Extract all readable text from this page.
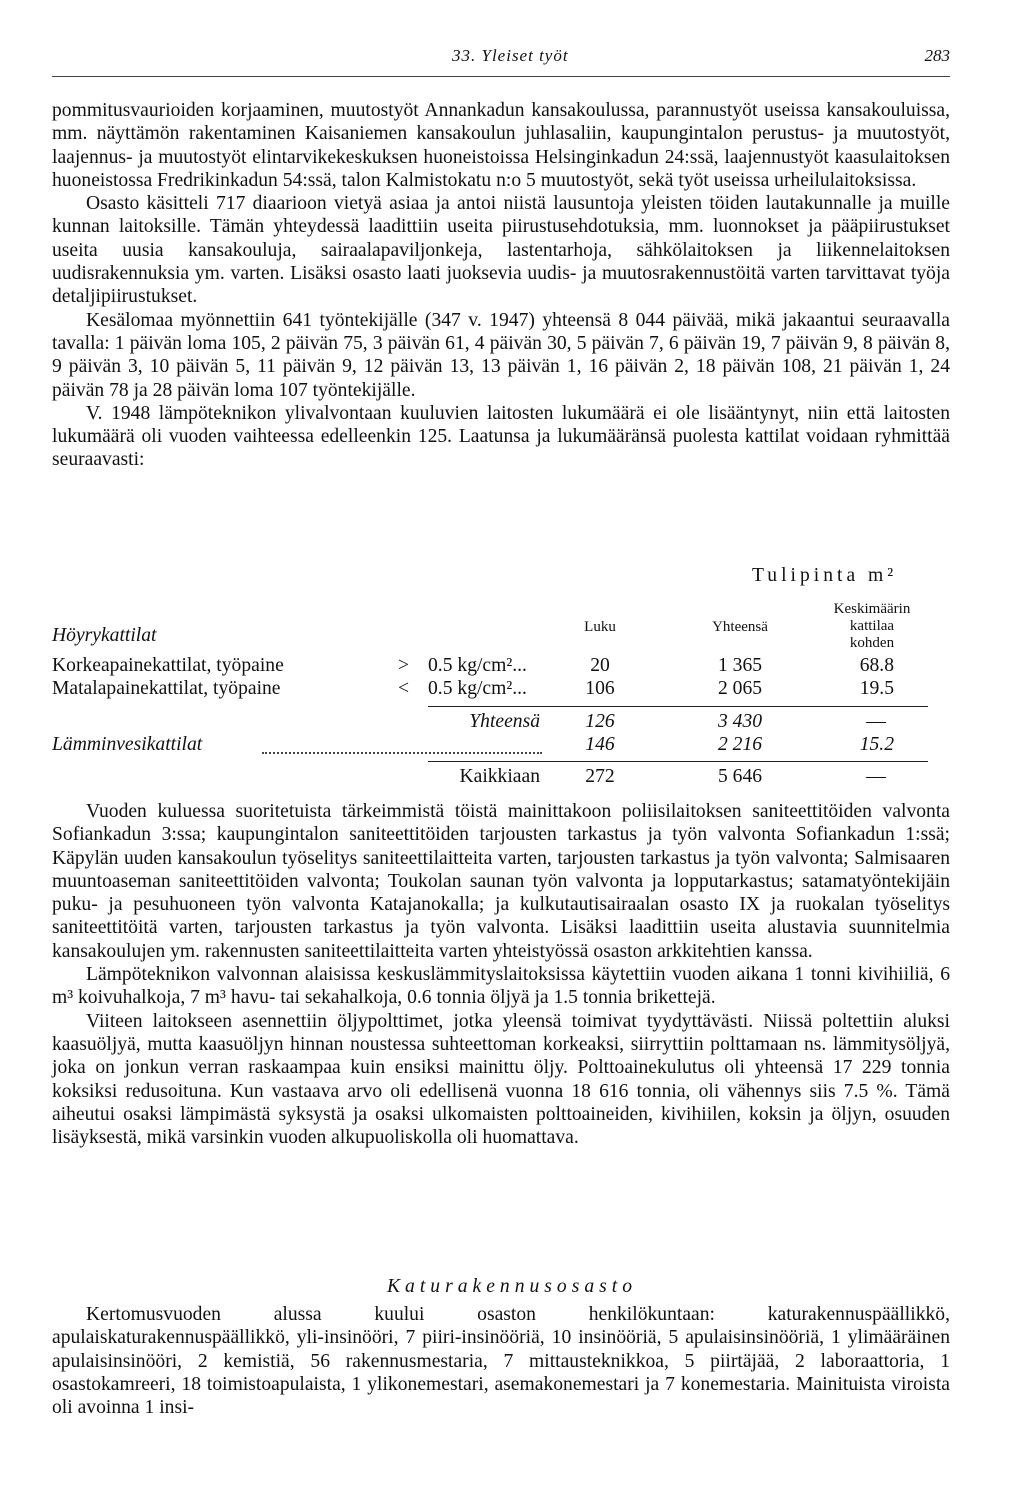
33. Yleiset työt	283

pommitusvaurioiden korjaaminen, muutostyöt Annankadun kansakoulussa, parannustyöt useissa kansakouluissa, mm. näyttämön rakentaminen Kaisaniemen kansakoulun juhlasaliin, kaupungintalon perustus- ja muutostyöt, laajennus- ja muutostyöt elintarvikekeskuksen huoneistoissa Helsinginkadun 24:ssä, laajennustyöt kaasulaitoksen huoneistossa Fredrikinkadun 54:ssä, talon Kalmistokatu n:o 5 muutostyöt, sekä työt useissa urheilulaitoksissa.

Osasto käsitteli 717 diaarioon vietyä asiaa ja antoi niistä lausuntoja yleisten töiden lautakunnalle ja muille kunnan laitoksille. Tämän yhteydessä laadittiin useita piirustusehdotuksia, mm. luonnokset ja pääpiirustukset useita uusia kansakouluja, sairaalapaviljonkeja, lastentarhoja, sähkölaitoksen ja liikennelaitoksen uudisrakennuksia ym. varten. Lisäksi osasto laati juoksevia uudis- ja muutosrakennustöitä varten tarvittavat työja detaljipiirustukset.

Kesälomaa myönnettiin 641 työntekijälle (347 v. 1947) yhteensä 8 044 päivää, mikä jakaantui seuraavalla tavalla: 1 päivän loma 105, 2 päivän 75, 3 päivän 61, 4 päivän 30, 5 päivän 7, 6 päivän 19, 7 päivän 9, 8 päivän 8, 9 päivän 3, 10 päivän 5, 11 päivän 9, 12 päivän 13, 13 päivän 1, 16 päivän 2, 18 päivän 108, 21 päivän 1, 24 päivän 78 ja 28 päivän loma 107 työntekijälle.

V. 1948 lämpöteknikon ylivalvontaan kuuluvien laitosten lukumäärä ei ole lisääntynyt, niin että laitosten lukumäärä oli vuoden vaihteessa edelleenkin 125. Laatunsa ja lukumääränsä puolesta kattilat voidaan ryhmittää seuraavasti:

Tulipinta m²
Luku	Yhteensä
Keskimäärin
kattilaa
kohden
Höyrykattilat
Korkeapainekattilat, työpaine	> 0.5 kg/cm²...	20	1 365	68.8
Matalapainekattilat, työpaine	< 0.5 kg/cm²...	106	2 065	19.5
Yhteensä	126	3 430	—
Lämminvesikattilat	146	2 216	15.2
Kaikkiaan	272	5 646	—

Vuoden kuluessa suoritetuista tärkeimmistä töistä mainittakoon poliisilaitoksen saniteettitöiden valvonta Sofiankadun 3:ssa; kaupungintalon saniteettitöiden tarjousten tarkastus ja työn valvonta Sofiankadun 1:ssä; Käpylän uuden kansakoulun työselitys saniteettilaitteita varten, tarjousten tarkastus ja työn valvonta; Salmisaaren muuntoaseman saniteettitöiden valvonta; Toukolan saunan työn valvonta ja lopputarkastus; satamatyöntekijäin puku- ja pesuhuoneen työn valvonta Katajanokalla; ja kulkutautisairaalan osasto IX ja ruokalan työselitys saniteettitöitä varten, tarjousten tarkastus ja työn valvonta. Lisäksi laadittiin useita alustavia suunnitelmia kansakoulujen ym. rakennusten saniteettilaitteita varten yhteistyössä osaston arkkitehtien kanssa.

Lämpöteknikon valvonnan alaisissa keskuslämmityslaitoksissa käytettiin vuoden aikana 1 tonni kivihiiliä, 6 m³ koivuhalkoja, 7 m³ havu- tai sekahalkoja, 0.6 tonnia öljyä ja 1.5 tonnia brikettejä.

Viiteen laitokseen asennettiin öljypolttimet, jotka yleensä toimivat tyydyttävästi. Niissä poltettiin aluksi kaasuöljyä, mutta kaasuöljyn hinnan noustessa suhteettoman korkeaksi, siirryttiin polttamaan ns. lämmitysöljyä, joka on jonkun verran raskaampaa kuin ensiksi mainittu öljy. Polttoainekulutus oli yhteensä 17 229 tonnia koksiksi redusoituna. Kun vastaava arvo oli edellisenä vuonna 18 616 tonnia, oli vähennys siis 7.5 %. Tämä aiheutui osaksi lämpimästä syksystä ja osaksi ulkomaisten polttoaineiden, kivihiilen, koksin ja öljyn, osuuden lisäyksestä, mikä varsinkin vuoden alkupuoliskolla oli huomattava.

Katurakennusosasto

Kertomusvuoden alussa kuului osaston henkilökuntaan: katurakennuspäällikkö, apulaiskaturakennuspäällikkö, yli-insinööri, 7 piiri-insinööriä, 10 insinööriä, 5 apulaisinsinööriä, 1 ylimääräinen apulaisinsinööri, 2 kemistiä, 56 rakennusmestaria, 7 mittausteknikkoa, 5 piirtäjää, 2 laboraattoria, 1 osastokamreeri, 18 toimistoapulaista, 1 ylikonemestari, asemakonemestari ja 7 konemestaria. Mainituista viroista oli avoinna 1 insi-
